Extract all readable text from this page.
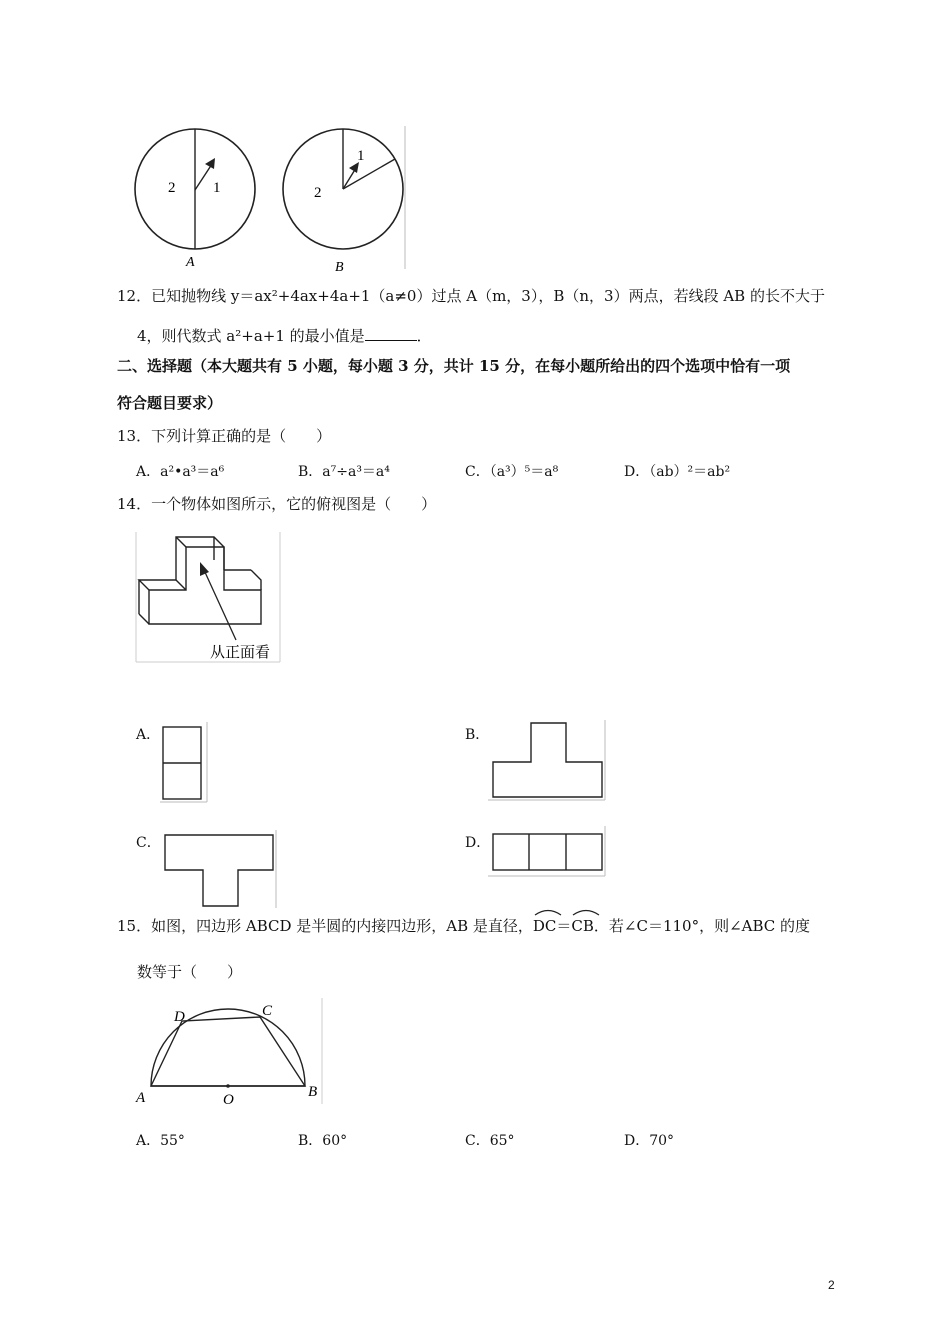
2	1
A
2
1
B
12．已知抛物线 y＝ax²+4ax+4a+1（a≠0）过点 A（m，3），B（n，3）两点，若线段 AB 的长不大于
4，则代数式 a²+a+1 的最小值是	．
二、选择题（本大题共有 5 小题，每小题 3 分，共计 15 分，在每小题所给出的四个选项中恰有一项
符合题目要求）
13．下列计算正确的是（　　）
A．a²•a³＝a⁶	B．a⁷÷a³＝a⁴	C．（a³）⁵＝a⁸	D．（ab）²＝ab²
14．一个物体如图所示，它的俯视图是（　　）
从正面看
A．	B．
C．	D．
15．如图，四边形 ABCD 是半圆的内接四边形，AB 是直径，
DC＝
CB．若∠C＝110°，则∠ABC 的度
数等于（　　）
A	B
C
D
O
A．55°	B．60°	C．65°	D．70°
2
